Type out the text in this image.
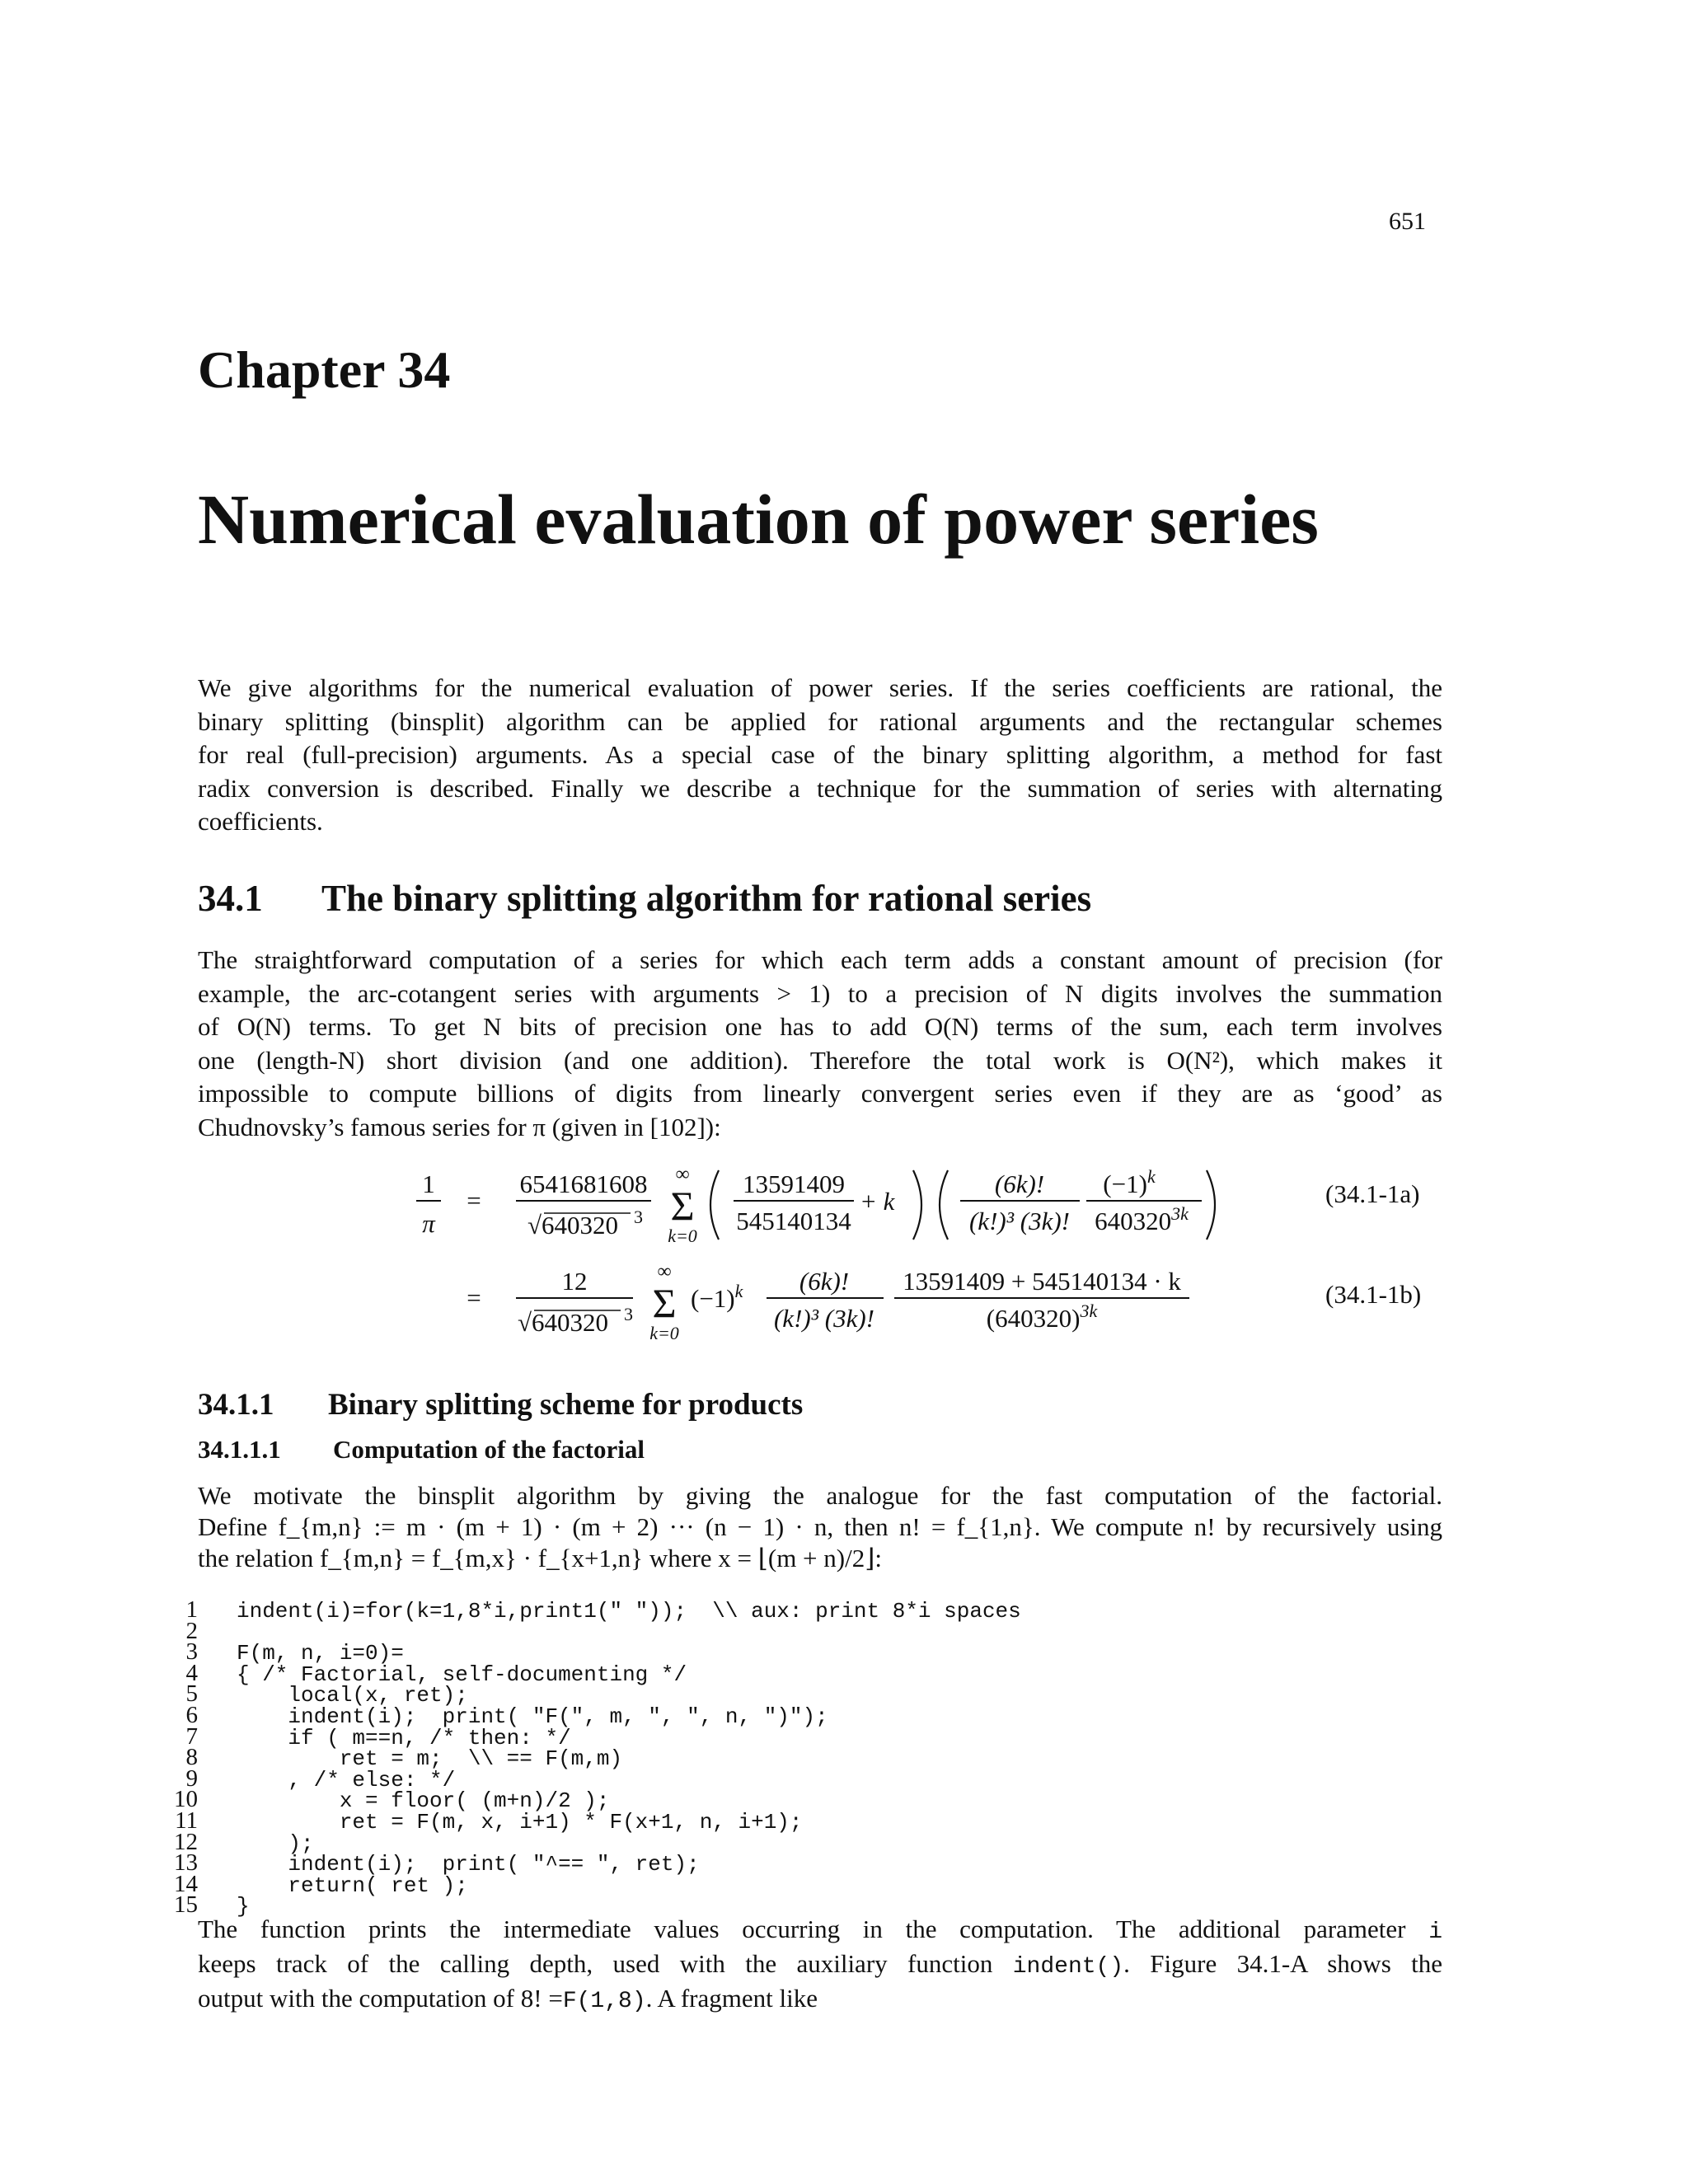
651
Chapter 34
Numerical evaluation of power series

We give algorithms for the numerical evaluation of power series. If the series coefficients are rational, the
binary splitting (binsplit) algorithm can be applied for rational arguments and the rectangular schemes
for real (full-precision) arguments. As a special case of the binary splitting algorithm, a method for fast
radix conversion is described. Finally we describe a technique for the summation of series with alternating
coefficients.

34.1 The binary splitting algorithm for rational series

The straightforward computation of a series for which each term adds a constant amount of precision (for
example, the arc-cotangent series with arguments > 1) to a precision of N digits involves the summation
of O(N) terms. To get N bits of precision one has to add O(N) terms of the sum, each term involves
one (length-N) short division (and one addition). Therefore the total work is O(N²), which makes it
impossible to compute billions of digits from linearly convergent series even if they are as ‘good’ as
Chudnovsky’s famous series for π (given in [102]):

1
π
=
6541681608
√640320 3
∞
Σ
k=0
13591409
545140134
+ k
(6k)!
(k!)³ (3k)!
$(-1)^k$
$640320^{3k}$
=
12
√640320 3
∞
Σ
k=0
$(-1)^k$ (6k)!
(k!)³ (3k)!
13591409 + 545140134 · k
$(640320)^{3k}$
(34.1-1a)
(34.1-1b)
34.1.1 Binary splitting scheme for products
34.1.1.1 Computation of the factorial

We motivate the binsplit algorithm by giving the analogue for the fast computation of the factorial.
Define f_{m,n} := m · (m + 1) · (m + 2) ··· (n − 1) · n, then n! = f_{1,n}. We compute n! by recursively using
the relation f_{m,n} = f_{m,x} · f_{x+1,n} where x = ⌊(m + n)/2⌋:

1 indent(i)=for(k=1,8*i,print1(" "));  \\ aux: print 8*i spaces
2
3 F(m, n, i=0)=
4 { /* Factorial, self-documenting */
5    local(x, ret);
6    indent(i);  print( "F(", m, ", ", n, ")");
7    if ( m==n, /* then: */
8        ret = m;  \\ == F(m,m)
9    , /* else: */
10        x = floor( (m+n)/2 );
11        ret = F(m, x, i+1) * F(x+1, n, i+1);
12    );
13    indent(i);  print( "^== ", ret);
14    return( ret );
15 }

The function prints the intermediate values occurring in the computation. The additional parameter i
keeps track of the calling depth, used with the auxiliary function indent(). Figure 34.1-A shows the
output with the computation of 8! =F(1,8). A fragment like
